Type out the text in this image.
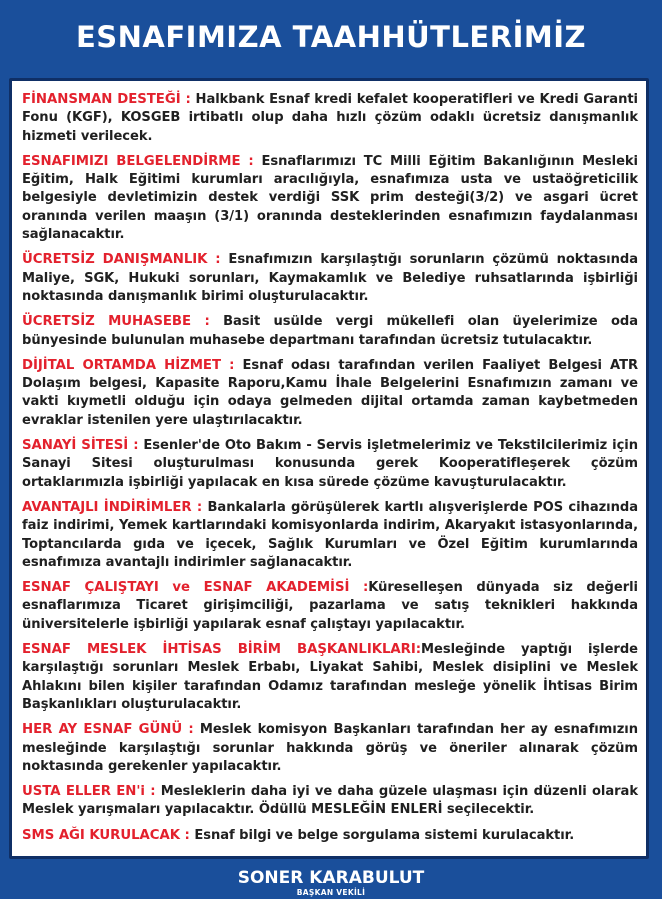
ESNAFIMIZA TAAHHÜTLERİMİZ

FİNANSMAN DESTEĞİ : Halkbank Esnaf kredi kefalet kooperatifleri ve Kredi Garanti Fonu (KGF), KOSGEB irtibatlı olup daha hızlı çözüm odaklı ücretsiz danışmanlık hizmeti verilecek.

ESNAFIMIZI BELGELENDİRME : Esnaflarımızı TC Milli Eğitim Bakanlığının Mesleki Eğitim, Halk Eğitimi kurumları aracılığıyla, esnafımıza usta ve ustaöğreticilik belgesiyle devletimizin destek verdiği SSK prim desteği(3/2) ve asgari ücret oranında verilen maaşın (3/1) oranında desteklerinden esnafımızın faydalanması sağlanacaktır.

ÜCRETSİZ DANIŞMANLIK : Esnafımızın karşılaştığı sorunların çözümü noktasında Maliye, SGK, Hukuki sorunları, Kaymakamlık ve Belediye ruhsatlarında işbirliği noktasında danışmanlık birimi oluşturulacaktır.

ÜCRETSİZ MUHASEBE : Basit usülde vergi mükellefi olan üyelerimize oda bünyesinde bulunulan muhasebe departmanı tarafından ücretsiz tutulacaktır.

DİJİTAL ORTAMDA HİZMET : Esnaf odası tarafından verilen Faaliyet Belgesi ATR Dolaşım belgesi, Kapasite Raporu,Kamu İhale Belgelerini Esnafımızın zamanı ve vakti kıymetli olduğu için odaya gelmeden dijital ortamda zaman kaybetmeden evraklar istenilen yere ulaştırılacaktır.

SANAYİ SİTESİ : Esenler'de Oto Bakım - Servis işletmelerimiz ve Tekstilcilerimiz için Sanayi Sitesi oluşturulması konusunda gerek Kooperatifleşerek çözüm ortaklarımızla işbirliği yapılacak en kısa sürede çözüme kavuşturulacaktır.

AVANTAJLI İNDİRİMLER : Bankalarla görüşülerek kartlı alışverişlerde POS cihazında faiz indirimi, Yemek kartlarındaki komisyonlarda indirim, Akaryakıt istasyonlarında, Toptancılarda gıda ve içecek, Sağlık Kurumları ve Özel Eğitim kurumlarında esnafımıza avantajlı indirimler sağlanacaktır.

ESNAF ÇALIŞTAYI ve ESNAF AKADEMİSİ :Küreselleşen dünyada siz değerli esnaflarımıza Ticaret girişimciliği, pazarlama ve satış teknikleri hakkında üniversitelerle işbirliği yapılarak esnaf çalıştayı yapılacaktır.

ESNAF MESLEK İHTİSAS BİRİM BAŞKANLIKLARI:Mesleğinde yaptığı işlerde karşılaştığı sorunları Meslek Erbabı, Liyakat Sahibi, Meslek disiplini ve Meslek Ahlakını bilen kişiler tarafından Odamız tarafından mesleğe yönelik İhtisas Birim Başkanlıkları oluşturulacaktır.

HER AY ESNAF GÜNÜ : Meslek komisyon Başkanları tarafından her ay esnafımızın mesleğinde karşılaştığı sorunlar hakkında görüş ve öneriler alınarak çözüm noktasında gerekenler yapılacaktır.

USTA ELLER EN'i : Mesleklerin daha iyi ve daha güzele ulaşması için düzenli olarak Meslek yarışmaları yapılacaktır. Ödüllü MESLEĞİN ENLERİ seçilecektir.

SMS AĞI KURULACAK : Esnaf bilgi ve belge sorgulama sistemi kurulacaktır.

SONER KARABULUT
BAŞKAN VEKİLİ
